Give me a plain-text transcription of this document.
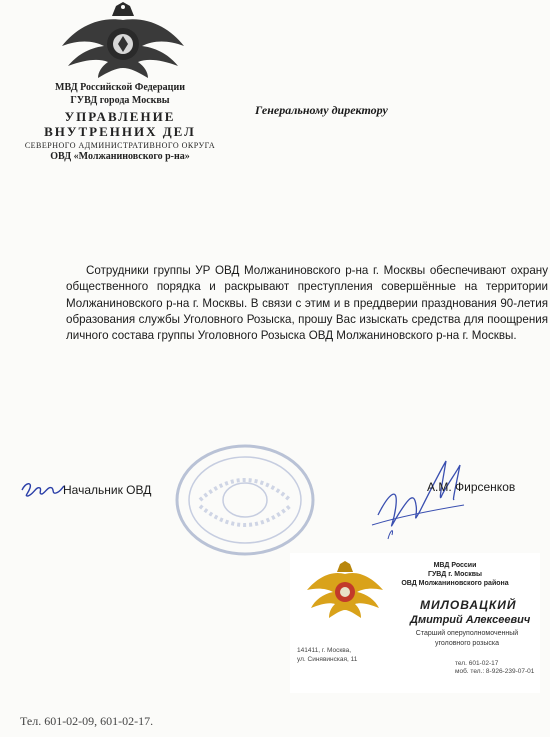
МВД Российской Федерации
ГУВД города Москвы
УПРАВЛЕНИЕ
ВНУТРЕННИХ ДЕЛ
СЕВЕРНОГО АДМИНИСТРАТИВНОГО ОКРУГА
ОВД «Молжаниновского р-на»
Генеральному директору
Сотрудники группы УР ОВД Молжаниновского р-на г. Москвы обеспечивают охрану общественного порядка и раскрывают преступления совершённые на территории Молжаниновского р-на г. Москвы. В связи с этим и в преддверии празднования 90-летия образования службы Уголовного Розыска, прошу Вас изыскать средства для поощрения личного состава группы Уголовного Розыска ОВД Молжаниновского р-на г. Москвы.
Начальник ОВД	А.М. Фирсенков
МВД России
ГУВД г. Москвы
ОВД Молжаниновского района
МИЛОВАЦКИЙ
Дмитрий Алексеевич
Старший оперуполномоченный
уголовного розыска
141411, г. Москва,
ул. Синявинская, 11
тел. 601-02-17
моб. тел.: 8-926-239-07-01
Тел. 601-02-09, 601-02-17.
